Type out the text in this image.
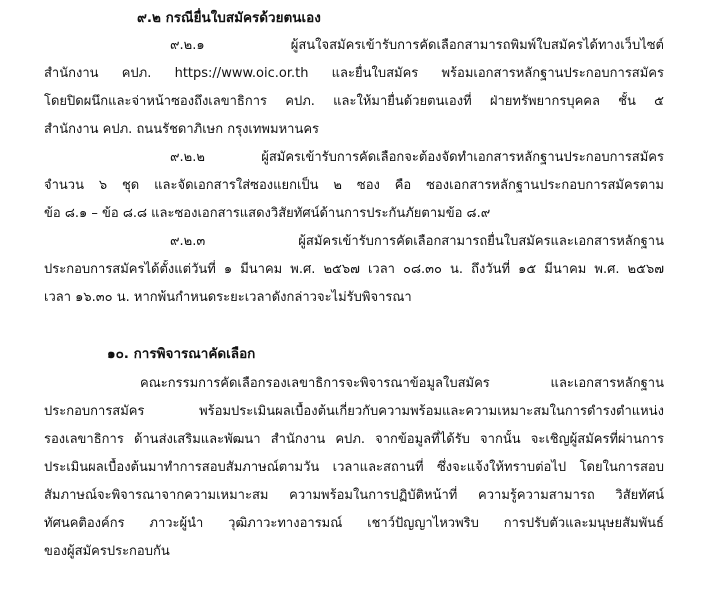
๙.๒ กรณียื่นใบสมัครด้วยตนเอง
๙.๒.๑ ผู้สนใจสมัครเข้ารับการคัดเลือกสามารถพิมพ์ใบสมัครได้ทางเว็บไซต์
สำนักงาน คปภ. https://www.oic.or.th และยื่นใบสมัคร พร้อมเอกสารหลักฐานประกอบการสมัคร
โดยปิดผนึกและจ่าหน้าซองถึงเลขาธิการ คปภ. และให้มายื่นด้วยตนเองที่ ฝ่ายทรัพยากรบุคคล ชั้น ๕
สำนักงาน คปภ. ถนนรัชดาภิเษก กรุงเทพมหานคร
๙.๒.๒ ผู้สมัครเข้ารับการคัดเลือกจะต้องจัดทำเอกสารหลักฐานประกอบการสมัคร
จำนวน ๖ ชุด และจัดเอกสารใส่ซองแยกเป็น ๒ ซอง คือ ซองเอกสารหลักฐานประกอบการสมัครตาม
ข้อ ๘.๑ – ข้อ ๘.๘ และซองเอกสารแสดงวิสัยทัศน์ด้านการประกันภัยตามข้อ ๘.๙
๙.๒.๓ ผู้สมัครเข้ารับการคัดเลือกสามารถยื่นใบสมัครและเอกสารหลักฐาน
ประกอบการสมัครได้ตั้งแต่วันที่ ๑ มีนาคม พ.ศ. ๒๕๖๗ เวลา ๐๘.๓๐ น. ถึงวันที่ ๑๕ มีนาคม พ.ศ. ๒๕๖๗
เวลา ๑๖.๓๐ น. หากพ้นกำหนดระยะเวลาดังกล่าวจะไม่รับพิจารณา
๑๐. การพิจารณาคัดเลือก
คณะกรรมการคัดเลือกรองเลขาธิการจะพิจารณาข้อมูลใบสมัคร และเอกสารหลักฐาน
ประกอบการสมัคร พร้อมประเมินผลเบื้องต้นเกี่ยวกับความพร้อมและความเหมาะสมในการดำรงตำแหน่ง
รองเลขาธิการ ด้านส่งเสริมและพัฒนา สำนักงาน คปภ. จากข้อมูลที่ได้รับ จากนั้น จะเชิญผู้สมัครที่ผ่านการ
ประเมินผลเบื้องต้นมาทำการสอบสัมภาษณ์ตามวัน เวลาและสถานที่ ซึ่งจะแจ้งให้ทราบต่อไป โดยในการสอบ
สัมภาษณ์จะพิจารณาจากความเหมาะสม ความพร้อมในการปฏิบัติหน้าที่ ความรู้ความสามารถ วิสัยทัศน์
ทัศนคติองค์กร ภาวะผู้นำ วุฒิภาวะทางอารมณ์ เชาว์ปัญญาไหวพริบ การปรับตัวและมนุษยสัมพันธ์
ของผู้สมัครประกอบกัน
